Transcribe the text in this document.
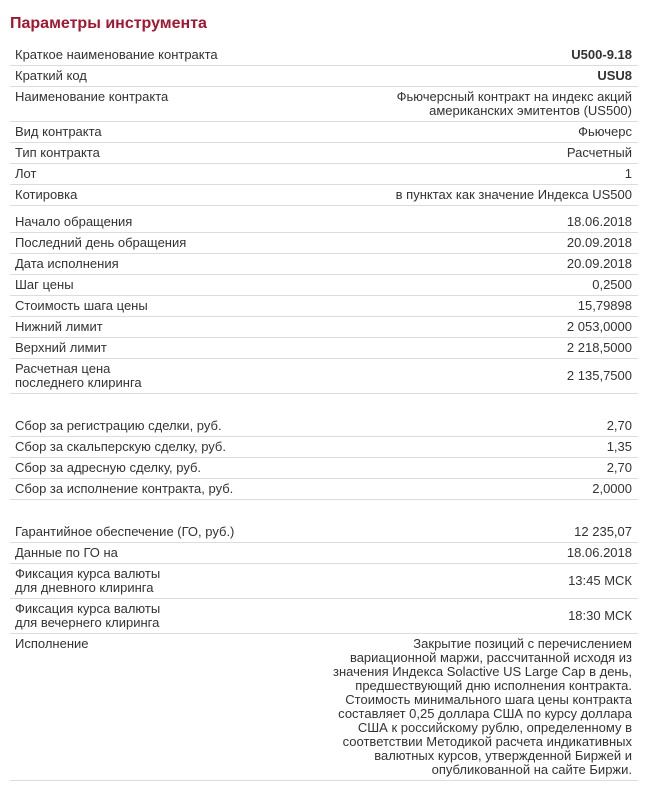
Параметры инструмента
Краткое наименование контракта	U500-9.18
Краткий код	USU8
Наименование контракта	Фьючерсный контракт на индекс акций
американских эмитентов (US500)
Вид контракта	Фьючерс
Тип контракта	Расчетный
Лот	1
Котировка	в пунктах как значение Индекса US500
Начало обращения	18.06.2018
Последний день обращения	20.09.2018
Дата исполнения	20.09.2018
Шаг цены	0,2500
Стоимость шага цены	15,79898
Нижний лимит	2 053,0000
Верхний лимит	2 218,5000
Расчетная цена
последнего клиринга	2 135,7500
Сбор за регистрацию сделки, руб.	2,70
Сбор за скальперскую сделку, руб.	1,35
Сбор за адресную сделку, руб.	2,70
Сбор за исполнение контракта, руб.	2,0000
Гарантийное обеспечение (ГО, руб.)	12 235,07
Данные по ГО на	18.06.2018
Фиксация курса валюты
для дневного клиринга	13:45 МСК
Фиксация курса валюты
для вечернего клиринга	18:30 МСК
Исполнение	Закрытие позиций с перечислением
вариационной маржи, рассчитанной исходя из
значения Индекса Solactive US Large Cap в день,
предшествующий дню исполнения контракта.
Стоимость минимального шага цены контракта
составляет 0,25 доллара США по курсу доллара
США к российскому рублю, определенному в
соответствии Методикой расчета индикативных
валютных курсов, утвержденной Биржей и
опубликованной на сайте Биржи.
